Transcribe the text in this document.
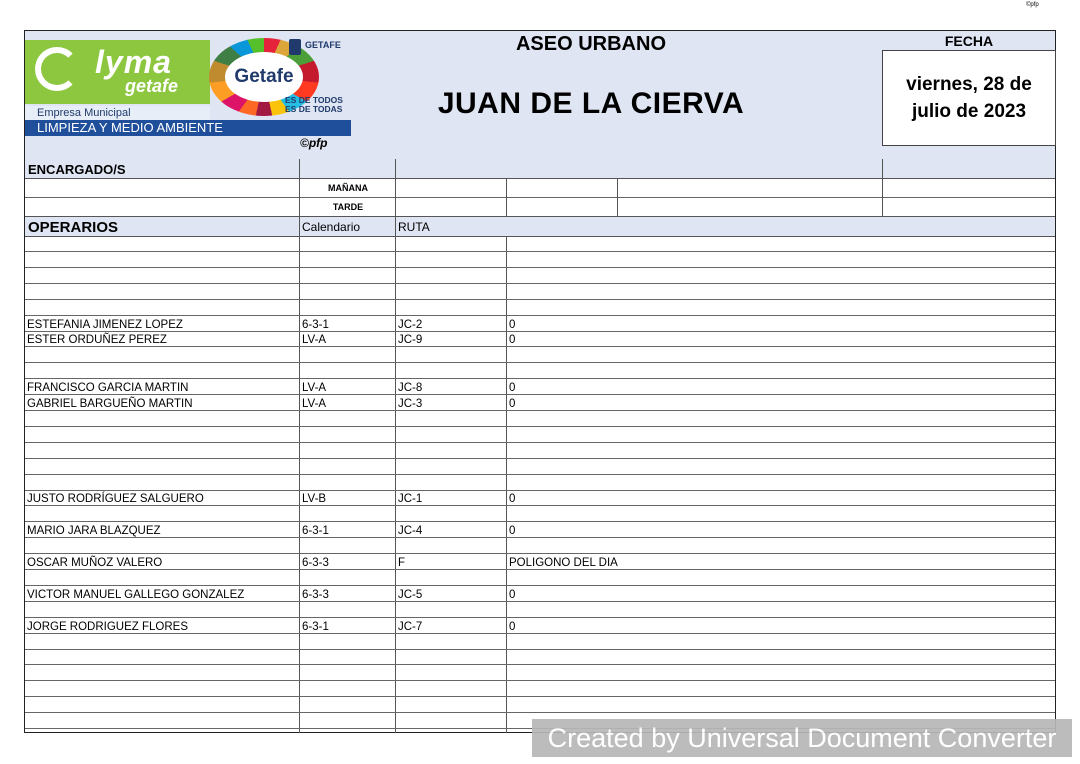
©pfp
lyma
getafe	Getafe
GETAFE
ES DE TODOS
ES DE TODAS
Empresa Municipal
LIMPIEZA Y MEDIO AMBIENTE
©pfp
ASEO URBANO
JUAN DE LA CIERVA
FECHA
viernes, 28 de julio de 2023
ENCARGADO/S
MAÑANA
TARDE
OPERARIOS	Calendario	RUTA
ESTEFANIA JIMENEZ LOPEZ	6-3-1	JC-2	0
ESTER ORDUÑEZ PEREZ	LV-A	JC-9	0
FRANCISCO GARCIA MARTIN	LV-A	JC-8	0
GABRIEL BARGUEÑO MARTIN	LV-A	JC-3	0
JUSTO RODRÍGUEZ SALGUERO	LV-B	JC-1	0
MARIO JARA BLAZQUEZ	6-3-1	JC-4	0
OSCAR MUÑOZ VALERO	6-3-3	F	POLIGONO DEL DIA
VICTOR MANUEL GALLEGO GONZALEZ	6-3-3	JC-5	0
JORGE RODRIGUEZ FLORES	6-3-1	JC-7	0
Created by Universal Document Converter
